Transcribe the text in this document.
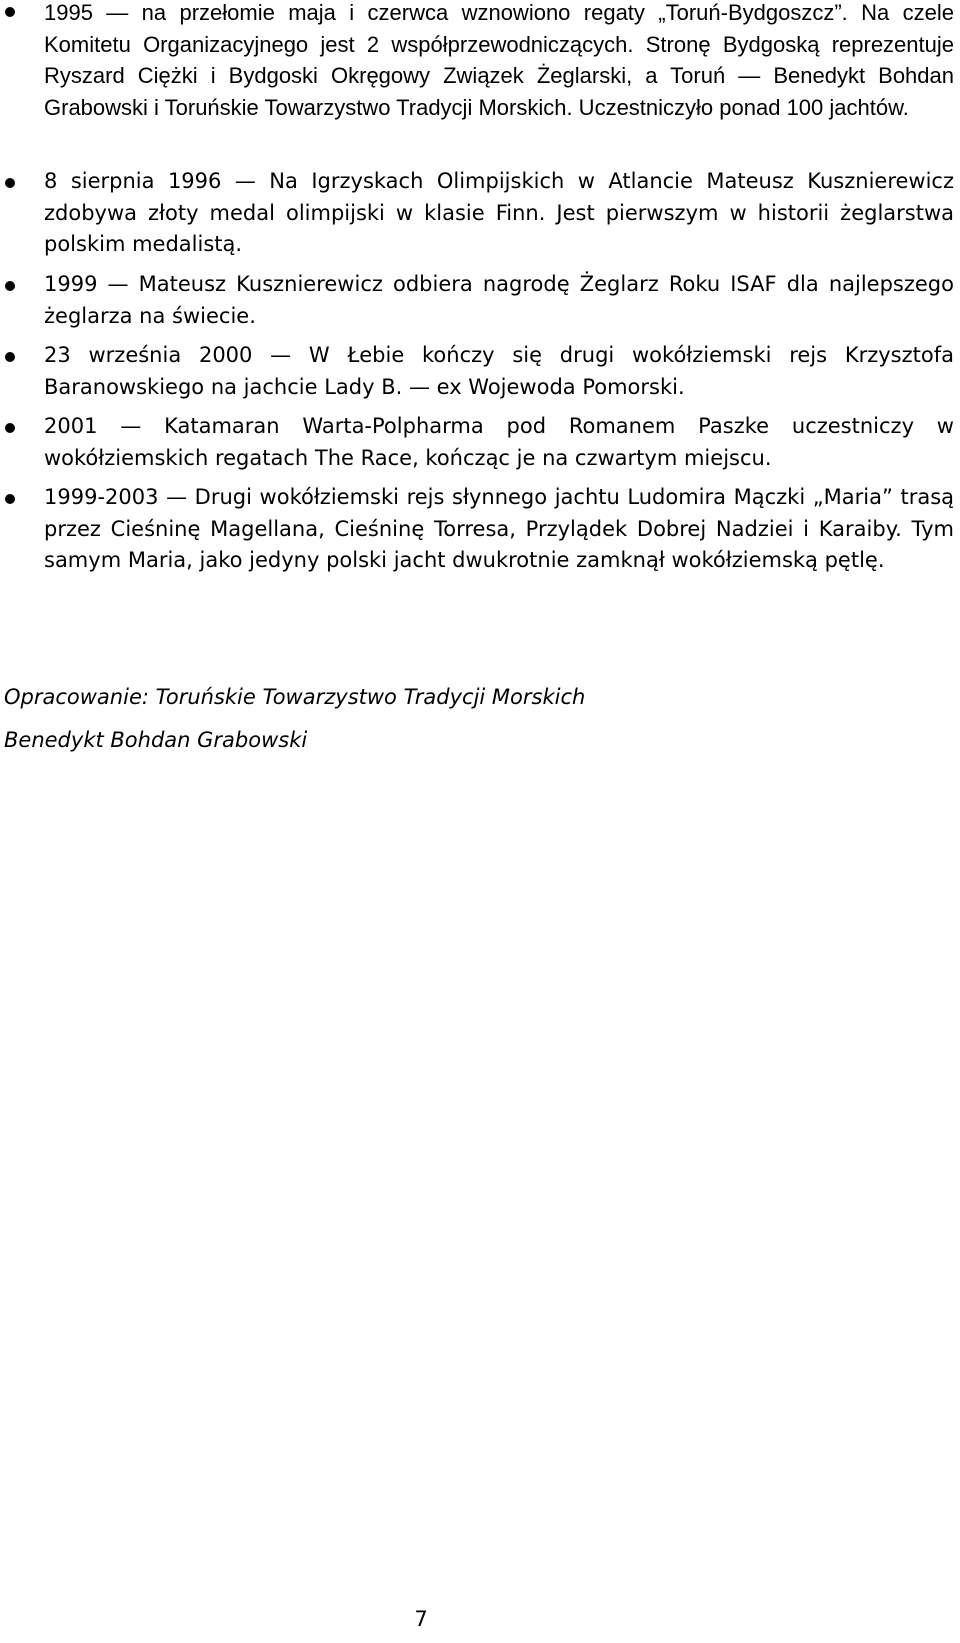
1995 — na przełomie maja i czerwca wznowiono regaty „Toruń-Bydgoszcz”. Na czele Komitetu Organizacyjnego jest 2 współprzewodniczących. Stronę Bydgoską reprezentuje Ryszard Ciężki i Bydgoski Okręgowy Związek Żeglarski, a Toruń — Benedykt Bohdan Grabowski i Toruńskie Towarzystwo Tradycji Morskich. Uczestniczyło ponad 100 jachtów.
8 sierpnia 1996 — Na Igrzyskach Olimpijskich w Atlancie Mateusz Kusznierewicz zdobywa złoty medal olimpijski w klasie Finn. Jest pierwszym w historii żeglarstwa polskim medalistą.
1999 — Mateusz Kusznierewicz odbiera nagrodę Żeglarz Roku ISAF dla najlepszego żeglarza na świecie.
23 września 2000 — W Łebie kończy się drugi wokółziemski rejs Krzysztofa Baranowskiego na jachcie Lady B. — ex Wojewoda Pomorski.
2001 — Katamaran Warta-Polpharma pod Romanem Paszke uczestniczy w wokółziemskich regatach The Race, kończąc je na czwartym miejscu.
1999-2003 — Drugi wokółziemski rejs słynnego jachtu Ludomira Mączki „Maria” trasą przez Cieśninę Magellana, Cieśninę Torresa, Przylądek Dobrej Nadziei i Karaiby. Tym samym Maria, jako jedyny polski jacht dwukrotnie zamknął wokółziemską pętlę.
Opracowanie: Toruńskie Towarzystwo Tradycji Morskich
Benedykt Bohdan Grabowski
7
